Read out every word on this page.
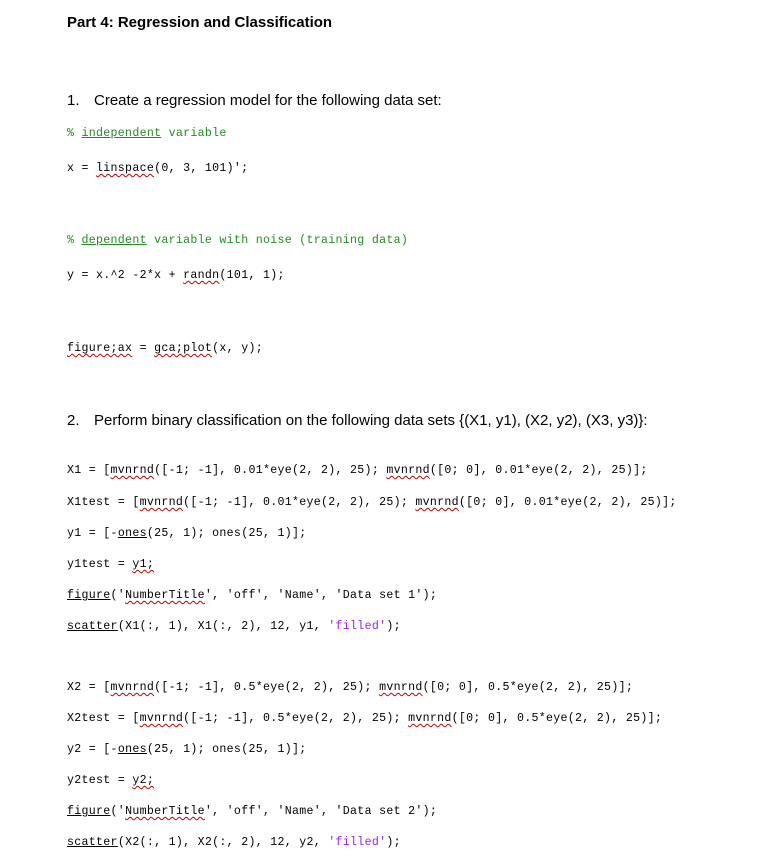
Part 4: Regression and Classification
1. Create a regression model for the following data set:
% independent variable
x = linspace(0, 3, 101)';
% dependent variable with noise (training data)
y = x.^2 -2*x + randn(101, 1);
figure;ax = gca;plot(x, y);
2. Perform binary classification on the following data sets {(X1, y1), (X2, y2), (X3, y3)}:
X1 = [mvnrnd([-1; -1], 0.01*eye(2, 2), 25); mvnrnd([0; 0], 0.01*eye(2, 2), 25)];
X1test = [mvnrnd([-1; -1], 0.01*eye(2, 2), 25); mvnrnd([0; 0], 0.01*eye(2, 2), 25)];
y1 = [-ones(25, 1); ones(25, 1)];
y1test = y1;
figure('NumberTitle', 'off', 'Name', 'Data set 1');
scatter(X1(:, 1), X1(:, 2), 12, y1, 'filled');
X2 = [mvnrnd([-1; -1], 0.5*eye(2, 2), 25); mvnrnd([0; 0], 0.5*eye(2, 2), 25)];
X2test = [mvnrnd([-1; -1], 0.5*eye(2, 2), 25); mvnrnd([0; 0], 0.5*eye(2, 2), 25)];
y2 = [-ones(25, 1); ones(25, 1)];
y2test = y2;
figure('NumberTitle', 'off', 'Name', 'Data set 2');
scatter(X2(:, 1), X2(:, 2), 12, y2, 'filled');
